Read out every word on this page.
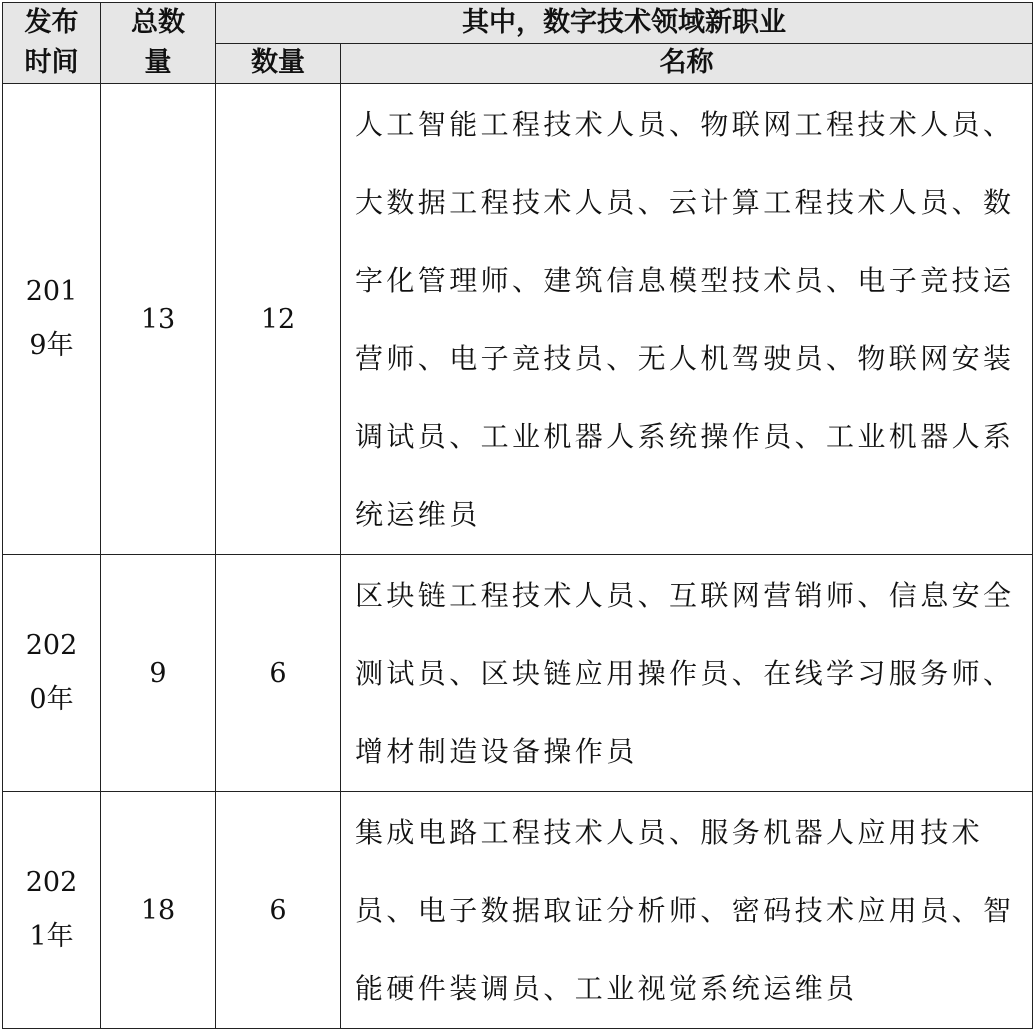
发布时间	总数量	其中，数字技术领域新职业	
		数量	名称

2019年	13	12	人工智能工程技术人员、物联网工程技术人员、大数据工程技术人员、云计算工程技术人员、数字化管理师、建筑信息模型技术员、电子竞技运营师、电子竞技员、无人机驾驶员、物联网安装调试员、工业机器人系统操作员、工业机器人系统运维员

2020年	9	6	区块链工程技术人员、互联网营销师、信息安全测试员、区块链应用操作员、在线学习服务师、增材制造设备操作员

2021年	18	6	集成电路工程技术人员、服务机器人应用技术员、电子数据取证分析师、密码技术应用员、智能硬件装调员、工业视觉系统运维员
